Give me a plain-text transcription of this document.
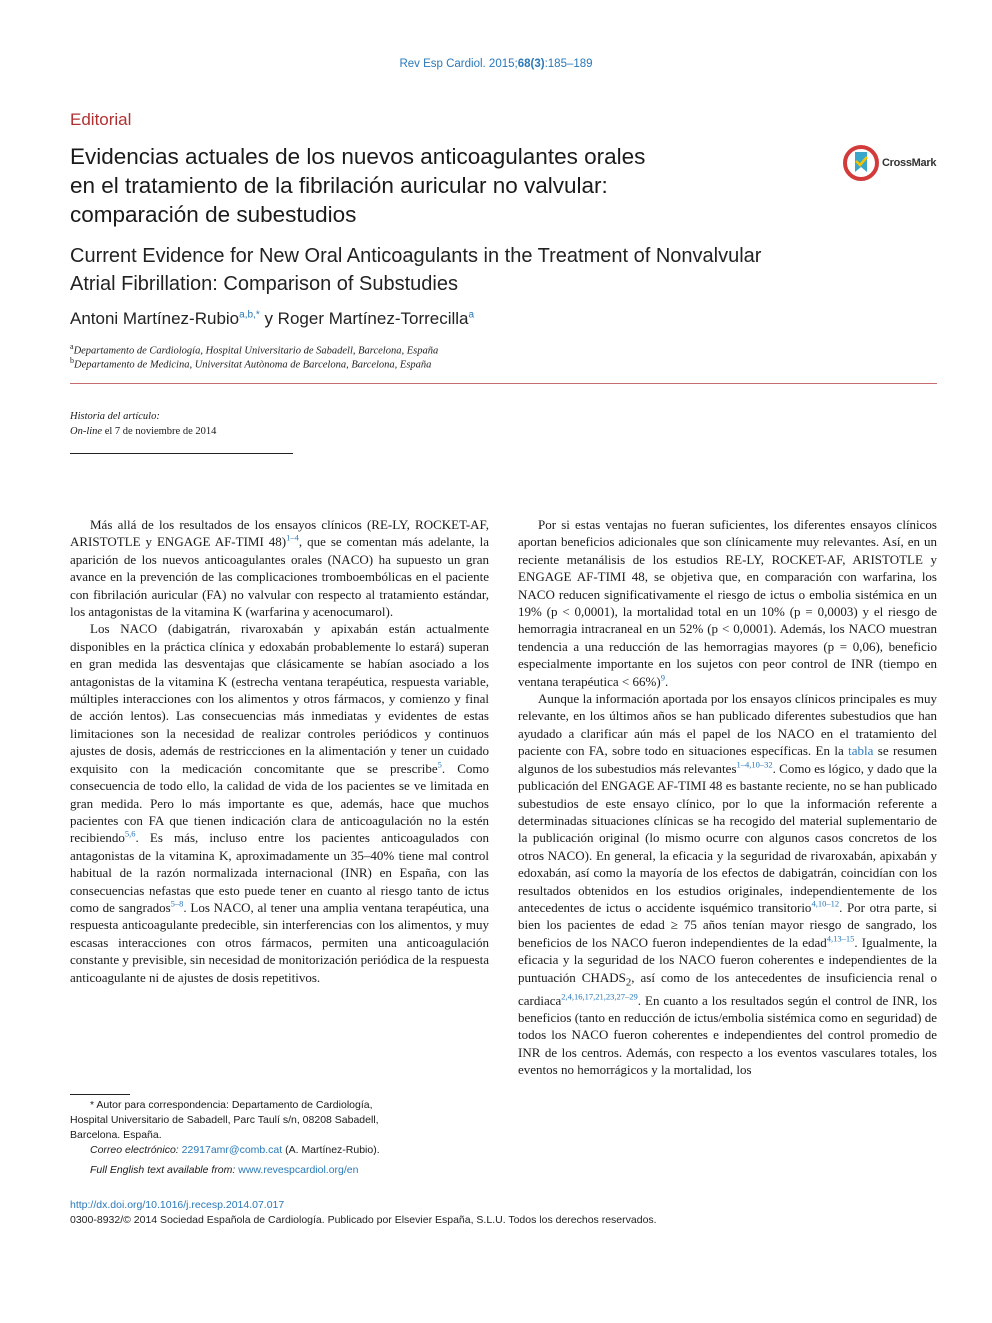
Rev Esp Cardiol. 2015;68(3):185–189
Editorial
Evidencias actuales de los nuevos anticoagulantes orales
en el tratamiento de la fibrilación auricular no valvular:
comparación de subestudios
CrossMark
Current Evidence for New Oral Anticoagulants in the Treatment of Nonvalvular
Atrial Fibrillation: Comparison of Substudies
Antoni Martínez-Rubio$^{a,b,*}$ y Roger Martínez-Torrecilla$^a$
$^a$Departamento de Cardiología, Hospital Universitario de Sabadell, Barcelona, España
$^b$Departamento de Medicina, Universitat Autònoma de Barcelona, Barcelona, España
Historia del artículo:
On-line el 7 de noviembre de 2014

Más allá de los resultados de los ensayos clínicos (RE-LY, ROCKET-AF, ARISTOTLE y ENGAGE AF-TIMI 48)$^{1-4}$, que se comentan más adelante, la aparición de los nuevos anticoagulantes orales (NACO) ha supuesto un gran avance en la prevención de las complicaciones tromboembólicas en el paciente con fibrilación auricular (FA) no valvular con respecto al tratamiento estándar, los antagonistas de la vitamina K (warfarina y acenocumarol).

Los NACO (dabigatrán, rivaroxabán y apixabán están actualmente disponibles en la práctica clínica y edoxabán probablemente lo estará) superan en gran medida las desventajas que clásicamente se habían asociado a los antagonistas de la vitamina K (estrecha ventana terapéutica, respuesta variable, múltiples interacciones con los alimentos y otros fármacos, y comienzo y final de acción lentos). Las consecuencias más inmediatas y evidentes de estas limitaciones son la necesidad de realizar controles periódicos y continuos ajustes de dosis, además de restricciones en la alimentación y tener un cuidado exquisito con la medicación concomitante que se prescribe$^5$. Como consecuencia de todo ello, la calidad de vida de los pacientes se ve limitada en gran medida. Pero lo más importante es que, además, hace que muchos pacientes con FA que tienen indicación clara de anticoagulación no la estén recibiendo$^{5,6}$. Es más, incluso entre los pacientes anticoagulados con antagonistas de la vitamina K, aproximadamente un 35–40% tiene mal control habitual de la razón normalizada internacional (INR) en España, con las consecuencias nefastas que esto puede tener en cuanto al riesgo tanto de ictus como de sangrados$^{5-8}$. Los NACO, al tener una amplia ventana terapéutica, una respuesta anticoagulante predecible, sin interferencias con los alimentos, y muy escasas interacciones con otros fármacos, permiten una anticoagulación constante y previsible, sin necesidad de monitorización periódica de la respuesta anticoagulante ni de ajustes de dosis repetitivos.

Por si estas ventajas no fueran suficientes, los diferentes ensayos clínicos aportan beneficios adicionales que son clínicamente muy relevantes. Así, en un reciente metanálisis de los estudios RE-LY, ROCKET-AF, ARISTOTLE y ENGAGE AF-TIMI 48, se objetiva que, en comparación con warfarina, los NACO reducen significativamente el riesgo de ictus o embolia sistémica en un 19% (p < 0,0001), la mortalidad total en un 10% (p = 0,0003) y el riesgo de hemorragia intracraneal en un 52% (p < 0,0001). Además, los NACO muestran tendencia a una reducción de las hemorragias mayores (p = 0,06), beneficio especialmente importante en los sujetos con peor control de INR (tiempo en ventana terapéutica < 66%)$^9$.

Aunque la información aportada por los ensayos clínicos principales es muy relevante, en los últimos años se han publicado diferentes subestudios que han ayudado a clarificar aún más el papel de los NACO en el tratamiento del paciente con FA, sobre todo en situaciones específicas. En la tabla se resumen algunos de los subestudios más relevantes$^{1-4,10-32}$. Como es lógico, y dado que la publicación del ENGAGE AF-TIMI 48 es bastante reciente, no se han publicado subestudios de este ensayo clínico, por lo que la información referente a determinadas situaciones clínicas se ha recogido del material suplementario de la publicación original (lo mismo ocurre con algunos casos concretos de los otros NACO). En general, la eficacia y la seguridad de rivaroxabán, apixabán y edoxabán, así como la mayoría de los efectos de dabigatrán, coincidían con los resultados obtenidos en los estudios originales, independientemente de los antecedentes de ictus o accidente isquémico transitorio$^{4,10-12}$. Por otra parte, si bien los pacientes de edad ≥ 75 años tenían mayor riesgo de sangrado, los beneficios de los NACO fueron independientes de la edad$^{4,13-15}$. Igualmente, la eficacia y la seguridad de los NACO fueron coherentes e independientes de la puntuación $CHADS_2$, así como de los antecedentes de insuficiencia renal o cardiaca$^{2,4,16,17,21,23,27-29}$. En cuanto a los resultados según el control de INR, los beneficios (tanto en reducción de ictus/embolia sistémica como en seguridad) de todos los NACO fueron coherentes e independientes del control promedio de INR de los centros. Además, con respecto a los eventos vasculares totales, los eventos no hemorrágicos y la mortalidad, los

* Autor para correspondencia: Departamento de Cardiología,
Hospital Universitario de Sabadell, Parc Taulí s/n, 08208 Sabadell,
Barcelona. España.
Correo electrónico: 22917amr@comb.cat (A. Martínez-Rubio).
Full English text available from: www.revespcardiol.org/en
http://dx.doi.org/10.1016/j.recesp.2014.07.017
0300-8932/© 2014 Sociedad Española de Cardiología. Publicado por Elsevier España, S.L.U. Todos los derechos reservados.
